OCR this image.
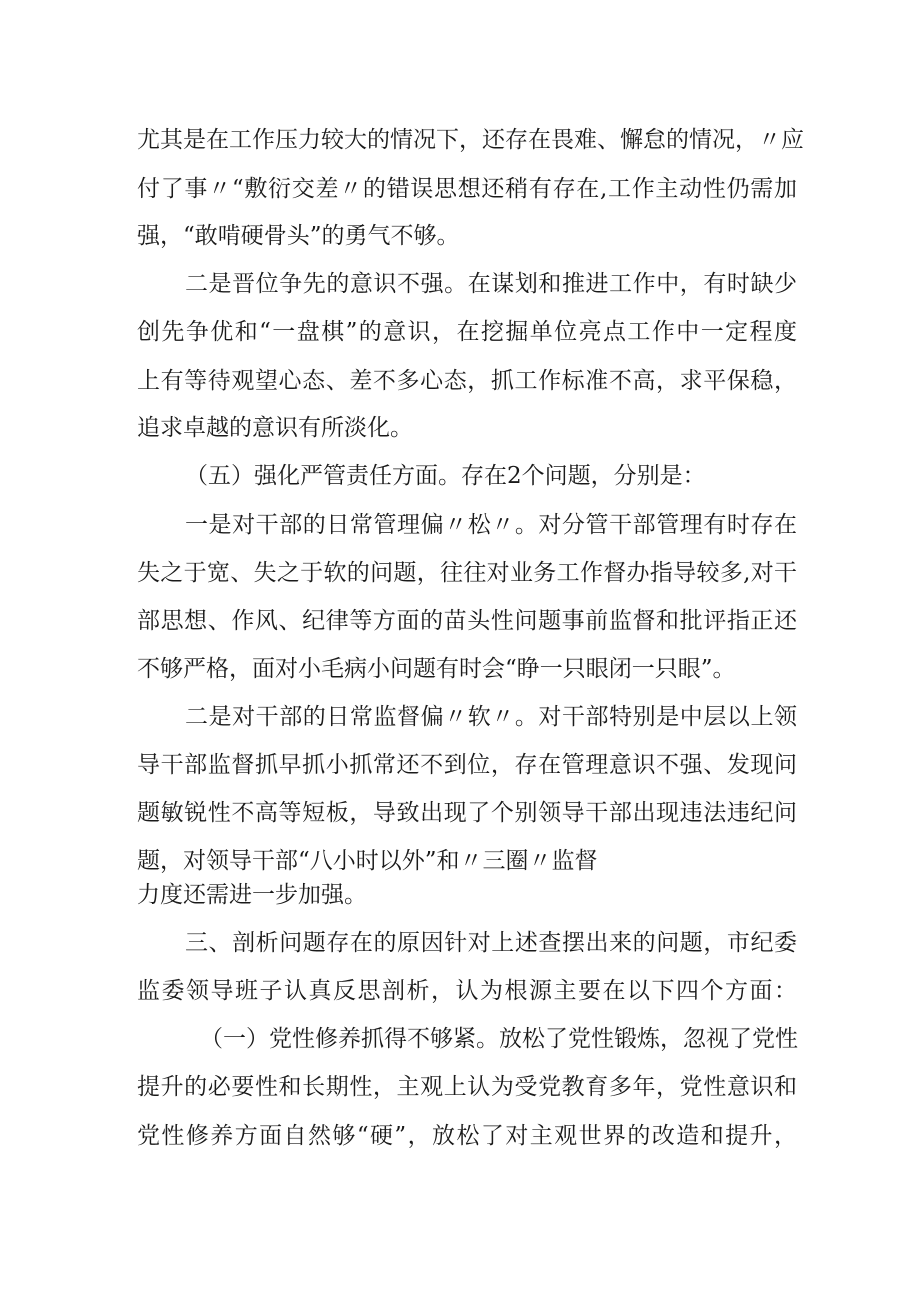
尤其是在工作压力较大的情况下，还存在畏难、懈怠的情况，〃应
付了事〃“敷衍交差〃的错误思想还稍有存在,工作主动性仍需加
强，“敢啃硬骨头”的勇气不够。
二是晋位争先的意识不强。在谋划和推进工作中，有时缺少
创先争优和“一盘棋”的意识，在挖掘单位亮点工作中一定程度
上有等待观望心态、差不多心态，抓工作标准不高，求平保稳，
追求卓越的意识有所淡化。
（五）强化严管责任方面。存在2个问题，分别是：
一是对干部的日常管理偏〃松〃。对分管干部管理有时存在
失之于宽、失之于软的问题，往往对业务工作督办指导较多,对干
部思想、作风、纪律等方面的苗头性问题事前监督和批评指正还
不够严格，面对小毛病小问题有时会“睁一只眼闭一只眼”。
二是对干部的日常监督偏〃软〃。对干部特别是中层以上领
导干部监督抓早抓小抓常还不到位，存在管理意识不强、发现问
题敏锐性不高等短板，导致出现了个别领导干部出现违法违纪问
题，对领导干部“八小时以外”和〃三圈〃监督
力度还需进一步加强。
三、剖析问题存在的原因针对上述查摆出来的问题，市纪委
监委领导班子认真反思剖析，认为根源主要在以下四个方面：
（一）党性修养抓得不够紧。放松了党性锻炼，忽视了党性
提升的必要性和长期性，主观上认为受党教育多年，党性意识和
党性修养方面自然够“硬”，放松了对主观世界的改造和提升，
